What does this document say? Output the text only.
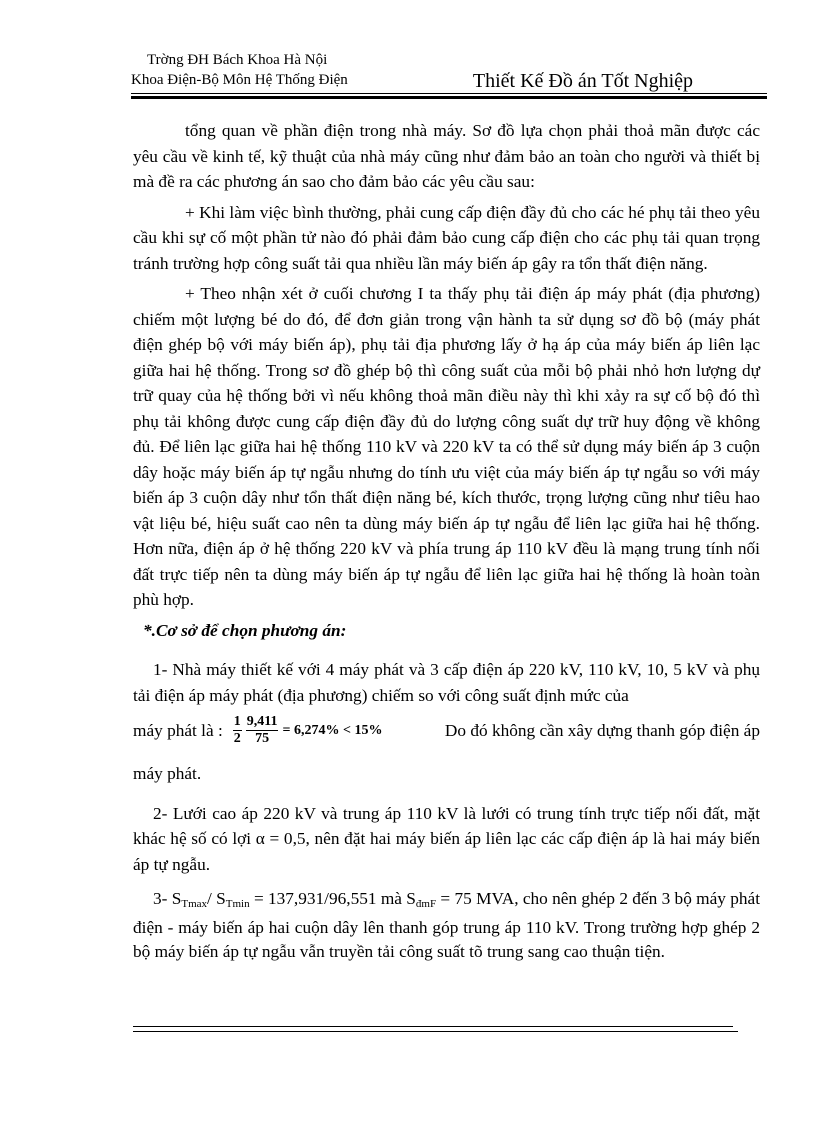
Trờng ĐH Bách Khoa Hà Nội
Khoa Điện-Bộ Môn Hệ Thống Điện	Thiết Kế Đồ án Tốt Nghiệp

tổng quan về phần điện trong nhà máy. Sơ đồ lựa chọn phải thoả mãn được các yêu cầu về kinh tế, kỹ thuật của nhà máy cũng như đảm bảo an toàn cho người và thiết bị mà đề ra các phương án sao cho đảm bảo các yêu cầu sau:

+ Khi làm việc bình thường, phải cung cấp điện đầy đủ cho các hé phụ tải theo yêu cầu khi sự cố một phần tử nào đó phải đảm bảo cung cấp điện cho các phụ tải quan trọng tránh trường hợp công suất tải qua nhiều lần máy biến áp gây ra tổn thất điện năng.

+ Theo nhận xét ở cuối chương I ta thấy phụ tải điện áp máy phát (địa phương) chiếm một lượng bé do đó, để đơn giản trong vận hành ta sử dụng sơ đồ bộ (máy phát điện ghép bộ với máy biến áp), phụ tải địa phương lấy ở hạ áp của máy biến áp liên lạc giữa hai hệ thống. Trong sơ đồ ghép bộ thì công suất của mỗi bộ phải nhỏ hơn lượng dự trữ quay của hệ thống bởi vì nếu không thoả mãn điều này thì khi xảy ra sự cố bộ đó thì phụ tải không được cung cấp điện đầy đủ do lượng công suất dự trữ huy động về không đủ. Để liên lạc giữa hai hệ thống 110 kV và 220 kV ta có thể sử dụng máy biến áp 3 cuộn dây hoặc máy biến áp tự ngẫu nhưng do tính ưu việt của máy biến áp tự ngẫu so với máy biến áp 3 cuộn dây như tổn thất điện năng bé, kích thước, trọng lượng cũng như tiêu hao vật liệu bé, hiệu suất cao nên ta dùng máy biến áp tự ngẫu để liên lạc giữa hai hệ thống. Hơn nữa, điện áp ở hệ thống 220 kV và phía trung áp 110 kV đều là mạng trung tính nối đất trực tiếp nên ta dùng máy biến áp tự ngẫu để liên lạc giữa hai hệ thống là hoàn toàn phù hợp.

*.Cơ sở để chọn phương án:

1- Nhà máy thiết kế với 4 máy phát và 3 cấp điện áp 220 kV, 110 kV, 10, 5 kV và phụ tải điện áp máy phát (địa phương) chiếm so với công suất định mức của

máy phát là : $\frac{1}{2} \frac{9,411}{75} = 6,274\% < 15\%$	Do đó không cần xây dựng thanh góp điện áp

máy phát.

2- Lưới cao áp 220 kV và trung áp 110 kV là lưới có trung tính trực tiếp nối đất, mặt khác hệ số có lợi α = 0,5, nên đặt hai máy biến áp liên lạc các cấp điện áp là hai máy biến áp tự ngẫu.

3- $S_{Tmax}/$ $S_{Tmin} = 137,931/96,551$ mà $S_{đmF} = 75$ MVA, cho nên ghép 2 đến 3 bộ máy phát điện - máy biến áp hai cuộn dây lên thanh góp trung áp 110 kV. Trong trường hợp ghép 2 bộ máy biến áp tự ngẫu vẫn truyền tải công suất tõ trung sang cao thuận tiện.
